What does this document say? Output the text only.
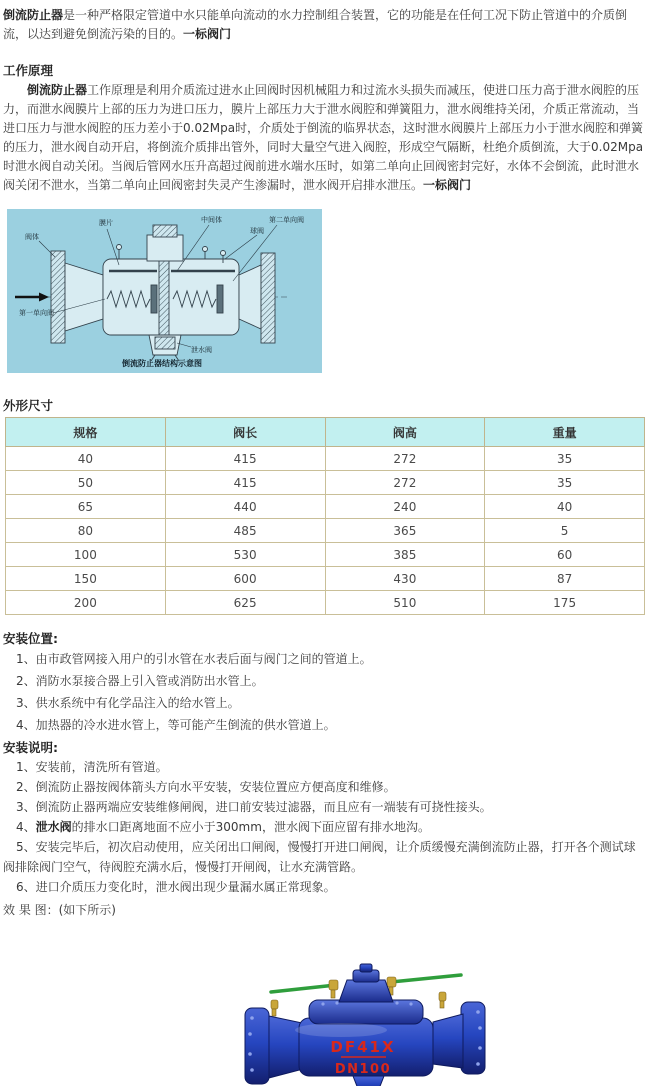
倒流防止器是一种严格限定管道中水只能单向流动的水力控制组合装置，它的功能是在任何工况下防止管道中的介质倒流，以达到避免倒流污染的目的。一标阀门

工作原理

倒流防止器工作原理是利用介质流过进水止回阀时因机械阻力和过流水头损失而减压，使进口压力高于泄水阀腔的压力，而泄水阀膜片上部的压力为进口压力，膜片上部压力大于泄水阀腔和弹簧阻力，泄水阀维持关闭，介质正常流动，当进口压力与泄水阀腔的压力差小于0.02Mpa时，介质处于倒流的临界状态，这时泄水阀膜片上部压力小于泄水阀腔和弹簧的压力，泄水阀自动开启，将倒流介质排出管外，同时大量空气进入阀腔，形成空气隔断，杜绝介质倒流，大于0.02Mpa时泄水阀自动关闭。当阀后管网水压升高超过阀前进水端水压时，如第二单向止回阀密封完好，水体不会倒流，此时泄水阀关闭不泄水，当第二单向止回阀密封失灵产生渗漏时，泄水阀开启排水泄压。一标阀门

阀体
膜片	中间体
球阀
第二单向阀
第一单向阀
泄水阀
倒流防止器结构示意图
外形尺寸
规格	阀长	阀高	重量
40	415	272	35
50	415	272	35
65	440	240	40
80	485	365	5
100	530	385	60
150	600	430	87
200	625	510	175
安装位置:

1、由市政管网接入用户的引水管在水表后面与阀门之间的管道上。

2、消防水泵接合器上引入管或消防出水管上。

3、供水系统中有化学品注入的给水管上。

4、加热器的冷水进水管上，等可能产生倒流的供水管道上。

安装说明:

1、安装前，清洗所有管道。

2、倒流防止器按阀体箭头方向水平安装，安装位置应方便高度和维修。

3、倒流防止器两端应安装维修闸阀，进口前安装过滤器，而且应有一端装有可挠性接头。

4、泄水阀的排水口距离地面不应小于300mm，泄水阀下面应留有排水地沟。

5、安装完毕后，初次启动使用，应关闭出口闸阀，慢慢打开进口闸阀，让介质缓慢充满倒流防止器，打开各个测试球阀排除阀门空气，待阀腔充满水后，慢慢打开闸阀，让水充满管路。

6、进口介质压力变化时，泄水阀出现少量漏水属正常现象。

效 果 图：(如下所示)

DF41X
DN100
